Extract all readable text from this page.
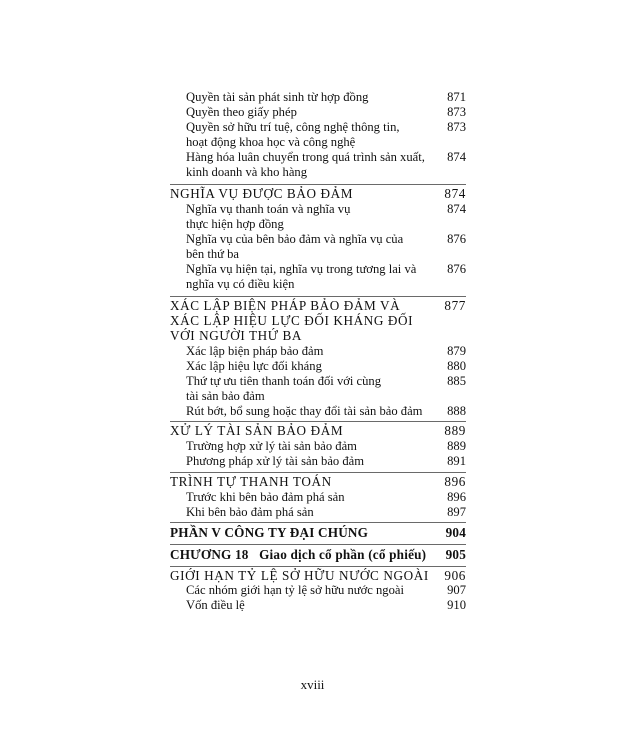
Quyền tài sản phát sinh từ hợp đồng	871
Quyền theo giấy phép	873
Quyền sở hữu trí tuệ, công nghệ thông tin,	873
hoạt động khoa học và công nghệ
Hàng hóa luân chuyển trong quá trình sản xuất,	874
kinh doanh và kho hàng
NGHĨA VỤ ĐƯỢC BẢO ĐẢM	874
Nghĩa vụ thanh toán và nghĩa vụ	874
thực hiện hợp đồng
Nghĩa vụ của bên bảo đảm và nghĩa vụ của	876
bên thứ ba
Nghĩa vụ hiện tại, nghĩa vụ trong tương lai và	876
nghĩa vụ có điều kiện
XÁC LẬP BIỆN PHÁP BẢO ĐẢM VÀ	877
XÁC LẬP HIỆU LỰC ĐỐI KHÁNG ĐỐI
VỚI NGƯỜI THỨ BA
Xác lập biện pháp bảo đảm	879
Xác lập hiệu lực đối kháng	880
Thứ tự ưu tiên thanh toán đối với cùng	885
tài sản bảo đảm
Rút bớt, bổ sung hoặc thay đổi tài sản bảo đảm	888
XỬ LÝ TÀI SẢN BẢO ĐẢM	889
Trường hợp xử lý tài sản bảo đảm	889
Phương pháp xử lý tài sản bảo đảm	891
TRÌNH TỰ THANH TOÁN	896
Trước khi bên bảo đảm phá sản	896
Khi bên bảo đảm phá sản	897
PHẦN V CÔNG TY ĐẠI CHÚNG	904
CHƯƠNG 18   Giao dịch cổ phần (cổ phiếu)	905
GIỚI HẠN TỶ LỆ SỞ HỮU NƯỚC NGOÀI	906
Các nhóm giới hạn tỷ lệ sở hữu nước ngoài	907
Vốn điều lệ	910
xviii
